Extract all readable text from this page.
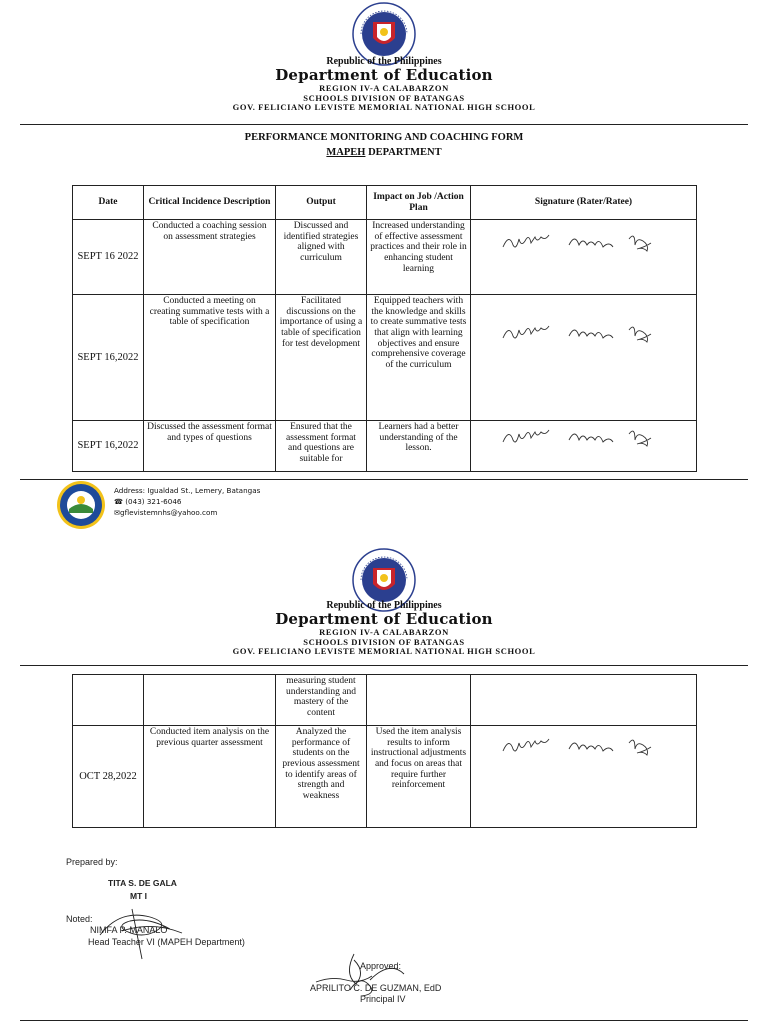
Republic of the Philippines
Department of Education
REGION IV-A CALABARZON
SCHOOLS DIVISION OF BATANGAS
GOV. FELICIANO LEVISTE MEMORIAL NATIONAL HIGH SCHOOL
PERFORMANCE MONITORING AND COACHING FORM
MAPEH DEPARTMENT
Date	Critical Incidence Description	Output	Impact on Job /Action Plan	Signature (Rater/Ratee)
SEPT 16 2022	Conducted a coaching session on assessment strategies	Discussed and identified strategies aligned with curriculum	Increased understanding of effective assessment practices and their role in enhancing student learning	
SEPT 16,2022	Conducted a meeting on creating summative tests with a table of specification	Facilitated discussions on the importance of using a table of specification for test development	Equipped teachers with the knowledge and skills to create summative tests that align with learning objectives and ensure comprehensive coverage of the curriculum	
SEPT 16,2022	Discussed the assessment format and types of questions	Ensured that the assessment format and questions are suitable for	Learners had a better understanding of the lesson.	
Address: Igualdad St., Lemery, Batangas
☎ (043) 321-6046
✉gflevistemnhs@yahoo.com
Republic of the Philippines
Department of Education
REGION IV-A CALABARZON
SCHOOLS DIVISION OF BATANGAS
GOV. FELICIANO LEVISTE MEMORIAL NATIONAL HIGH SCHOOL
		measuring student understanding and mastery of the content		
OCT 28,2022	Conducted item analysis on the previous quarter assessment	Analyzed the performance of students on the previous assessment to identify areas of strength and weakness	Used the item analysis results to inform instructional adjustments and focus on areas that require further reinforcement	
Prepared by:
TITA S. DE GALA
MT I
Noted:
NIMFA P. MANALO
Head Teacher VI (MAPEH Department)
Approved:
APRILITO C. DE GUZMAN, EdD
Principal IV
